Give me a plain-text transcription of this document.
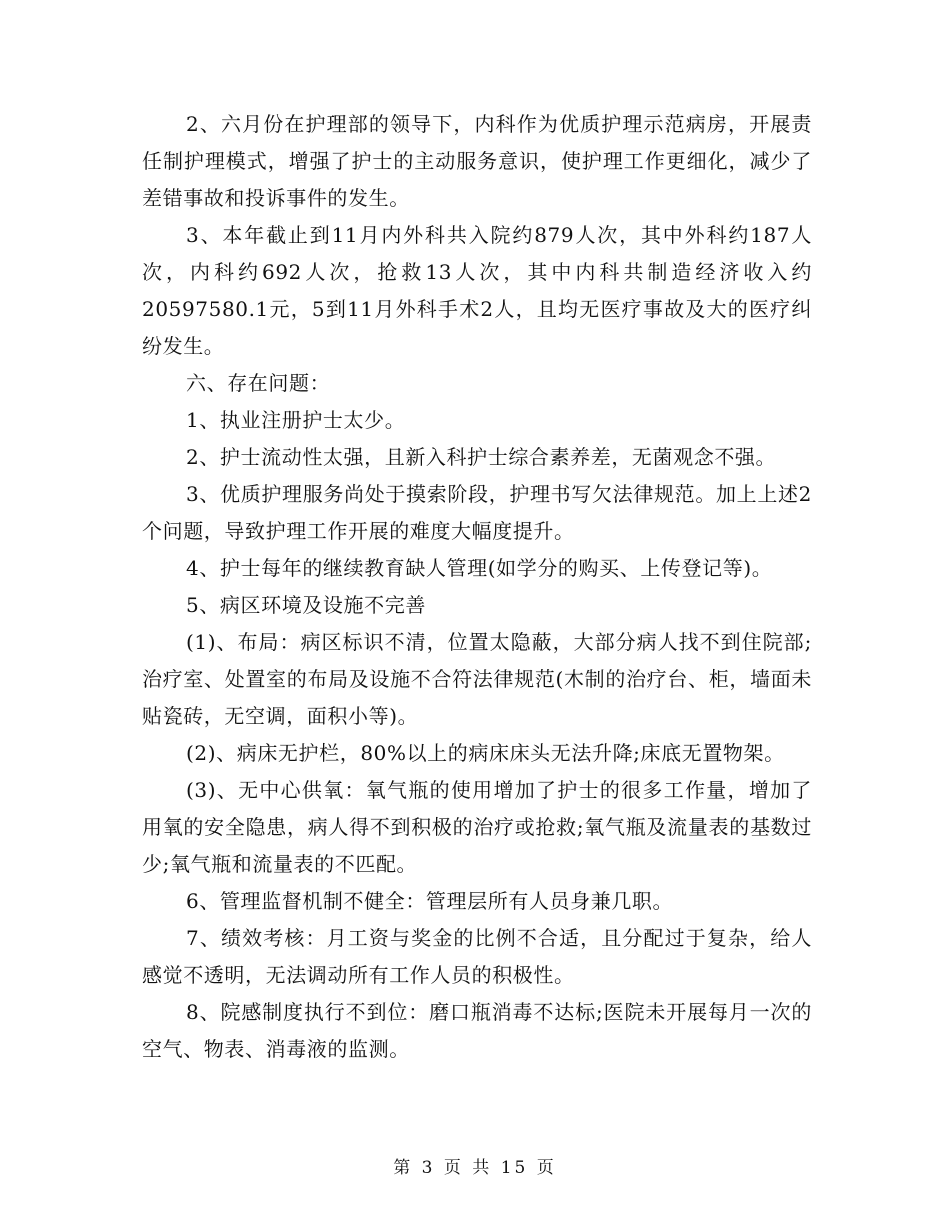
2、六月份在护理部的领导下，内科作为优质护理示范病房，开展责任制护理模式，增强了护士的主动服务意识，使护理工作更细化，减少了差错事故和投诉事件的发生。

3、本年截止到11月内外科共入院约879人次，其中外科约187人次，内科约692人次，抢救13人次，其中内科共制造经济收入约20597580.1元，5到11月外科手术2人，且均无医疗事故及大的医疗纠纷发生。

六、存在问题：

1、执业注册护士太少。

2、护士流动性太强，且新入科护士综合素养差，无菌观念不强。

3、优质护理服务尚处于摸索阶段，护理书写欠法律规范。加上上述2个问题，导致护理工作开展的难度大幅度提升。

4、护士每年的继续教育缺人管理(如学分的购买、上传登记等)。

5、病区环境及设施不完善

(1)、布局：病区标识不清，位置太隐蔽，大部分病人找不到住院部;治疗室、处置室的布局及设施不合符法律规范(木制的治疗台、柜，墙面未贴瓷砖，无空调，面积小等)。

(2)、病床无护栏，80%以上的病床床头无法升降;床底无置物架。

(3)、无中心供氧：氧气瓶的使用增加了护士的很多工作量，增加了用氧的安全隐患，病人得不到积极的治疗或抢救;氧气瓶及流量表的基数过少;氧气瓶和流量表的不匹配。

6、管理监督机制不健全：管理层所有人员身兼几职。

7、绩效考核：月工资与奖金的比例不合适，且分配过于复杂，给人感觉不透明，无法调动所有工作人员的积极性。

8、院感制度执行不到位：磨口瓶消毒不达标;医院未开展每月一次的空气、物表、消毒液的监测。

第 3 页 共 15 页
